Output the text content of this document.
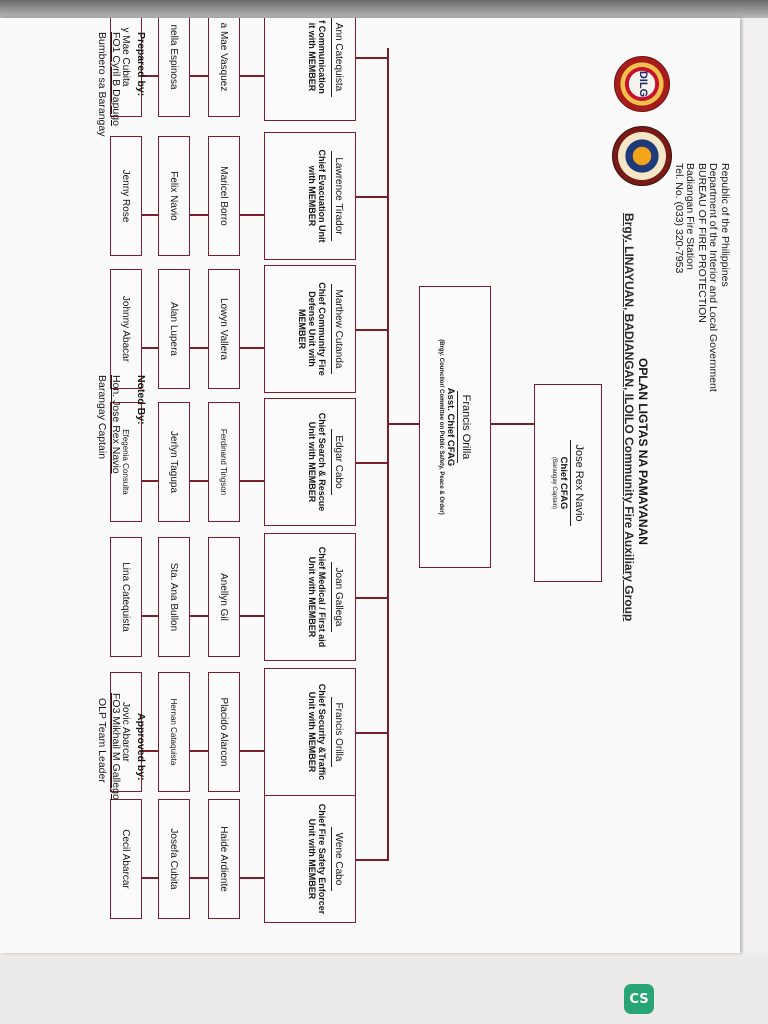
Republic of the Philippines
Department of the Interior and Local Government
BUREAU OF FIRE PROTECTION
Badiangan Fire Station
Tel. No. (033) 320-7953
DILG
OPLAN LIGTAS NA PAMAYANAN
Brgy. LINAYUAN, BADIANGAN, ILOILO Community Fire Auxiliary Group
Jose Rex Navio
Chief CFAG
(Barangay Captain)
Francis Orilla
Asst. Chief CFAG
(Brgy. Councilor/ Committee on Public Safety, Peace & Order)
Ann Catequista
f Communication
it with MEMBER
a Mae Vasquez
nella Espinosa
y Mae Cubita
Lawrence Tirador
Chief Evacuation Unit
with MEMBER
Maricel Borro
Felix Navio
Jenny Rose
Marthew Cutanda
Chief Community Fire
Defense Unit with
MEMBER
Lowyn Vallera
Alan Lupera
Johnny Abacar
Edgar Cabo
Chief Search & Rescue
Unit with MEMBER
Ferdinand Tingson
Jerlyn Tagupa
Efegenia Consulta
Joan Gallega
Chief Medical / First aid
Unit with MEMBER
Anellyn Gil
Sta. Ana Bullon
Lina Catequista
Francis Orilla
Chief Security &Traffic
Unit with MEMBER
Placido Alarcon
Hernan Cataquista
Jovic Abarcar
Wene Cabo
Chief Fire Safety Enforcer
Unit with MEMBER
Haide Ardiente
Josefa Cubita
Cecil Abarcar
Prepared by:
FO1 Cyril B Dapugo
Bumbero sa Barangay
Noted By:
Hon. Jose Rex Navio
Barangay Captain
Approved by:
FO3 Mikhail M Gallego
OLP Team Leader
CS
